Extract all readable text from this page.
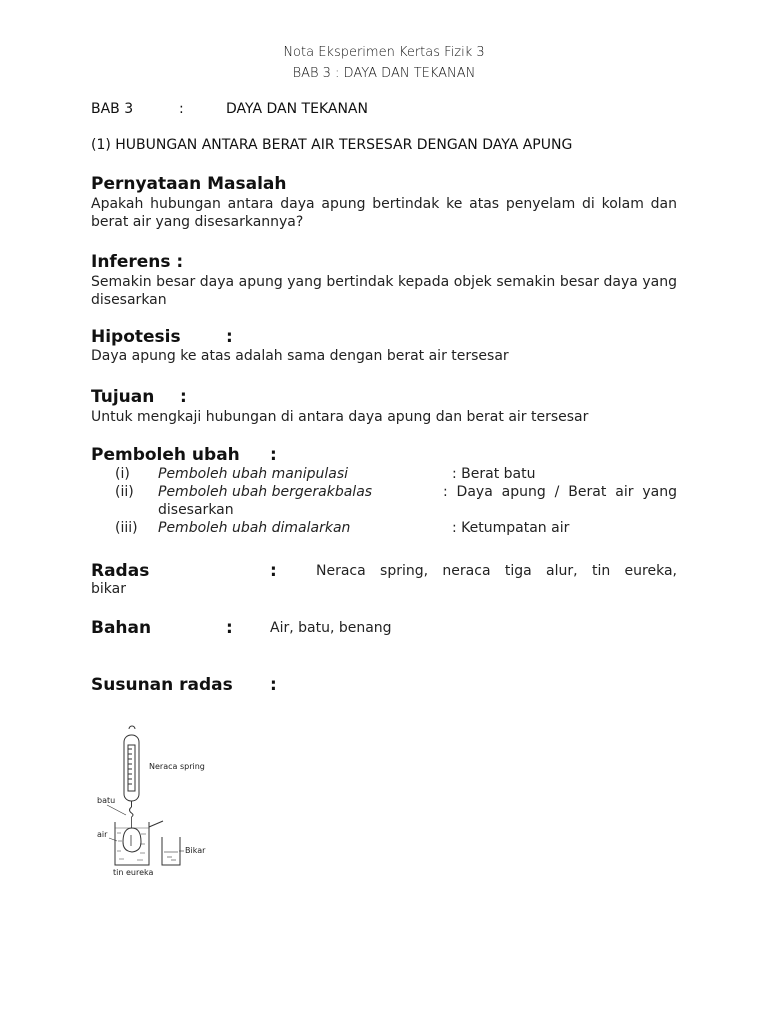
Nota Eksperimen Kertas Fizik 3
BAB 3 : DAYA DAN TEKANAN
BAB 3	:	DAYA DAN TEKANAN
(1) HUBUNGAN ANTARA BERAT AIR TERSESAR DENGAN DAYA APUNG
Pernyataan Masalah
Apakah hubungan antara daya apung bertindak ke atas penyelam di kolam dan berat air yang disesarkannya?
Inferens :
Semakin besar daya apung yang bertindak kepada objek semakin besar daya yang disesarkan
Hipotesis	:
Daya apung ke atas adalah sama dengan berat air tersesar
Tujuan :
Untuk mengkaji hubungan di antara daya apung dan berat air tersesar
Pemboleh ubah :
(i) Pemboleh ubah manipulasi	: Berat batu
(ii) Pemboleh ubah bergerakbalas	:  Daya  apung  /  Berat  air  yang
disesarkan
(iii) Pemboleh ubah dimalarkan	: Ketumpatan air
Radas	:	Neraca spring, neraca tiga alur, tin eureka,
bikar
Bahan	:	Air, batu, benang
Susunan radas :
Neraca spring
batu
air
Bikar
tin eureka
